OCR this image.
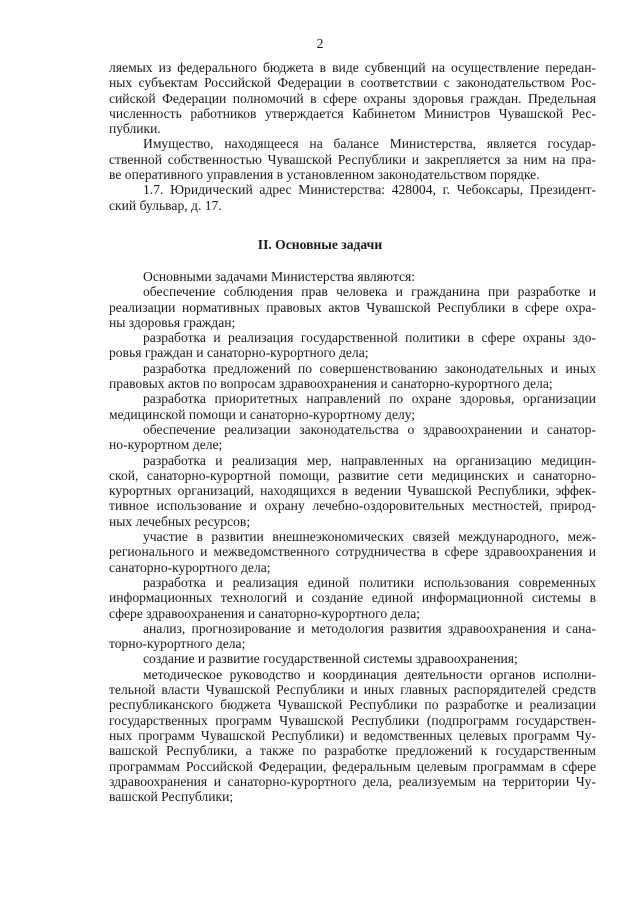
2
ляемых из федерального бюджета в виде субвенций на осуществление передан-
ных субъектам Российской Федерации в соответствии с законодательством Рос-
сийской Федерации полномочий в сфере охраны здоровья граждан. Предельная
численность работников утверждается Кабинетом Министров Чувашской Рес-
публики.
Имущество, находящееся на балансе Министерства, является государ-
ственной собственностью Чувашской Республики и закрепляется за ним на пра-
ве оперативного управления в установленном законодательством порядке.
1.7. Юридический адрес Министерства: 428004, г. Чебоксары, Президент-
ский бульвар, д. 17.
II. Основные задачи
Основными задачами Министерства являются:
обеспечение соблюдения прав человека и гражданина при разработке и
реализации нормативных правовых актов Чувашской Республики в сфере охра-
ны здоровья граждан;
разработка и реализация государственной политики в сфере охраны здо-
ровья граждан и санаторно-курортного дела;
разработка предложений по совершенствованию законодательных и иных
правовых актов по вопросам здравоохранения и санаторно-курортного дела;
разработка приоритетных направлений по охране здоровья, организации
медицинской помощи и санаторно-курортному делу;
обеспечение реализации законодательства о здравоохранении и санатор-
но-курортном деле;
разработка и реализация мер, направленных на организацию медицин-
ской, санаторно-курортной помощи, развитие сети медицинских и санаторно-
курортных организаций, находящихся в ведении Чувашской Республики, эффек-
тивное использование и охрану лечебно-оздоровительных местностей, природ-
ных лечебных ресурсов;
участие в развитии внешнеэкономических связей международного, меж-
регионального и межведомственного сотрудничества в сфере здравоохранения и
санаторно-курортного дела;
разработка и реализация единой политики использования современных
информационных технологий и создание единой информационной системы в
сфере здравоохранения и санаторно-курортного дела;
анализ, прогнозирование и методология развития здравоохранения и сана-
торно-курортного дела;
создание и развитие государственной системы здравоохранения;
методическое руководство и координация деятельности органов исполни-
тельной власти Чувашской Республики и иных главных распорядителей средств
республиканского бюджета Чувашской Республики по разработке и реализации
государственных программ Чувашской Республики (подпрограмм государствен-
ных программ Чувашской Республики) и ведомственных целевых программ Чу-
вашской Республики, а также по разработке предложений к государственным
программам Российской Федерации, федеральным целевым программам в сфере
здравоохранения и санаторно-курортного дела, реализуемым на территории Чу-
вашской Республики;
